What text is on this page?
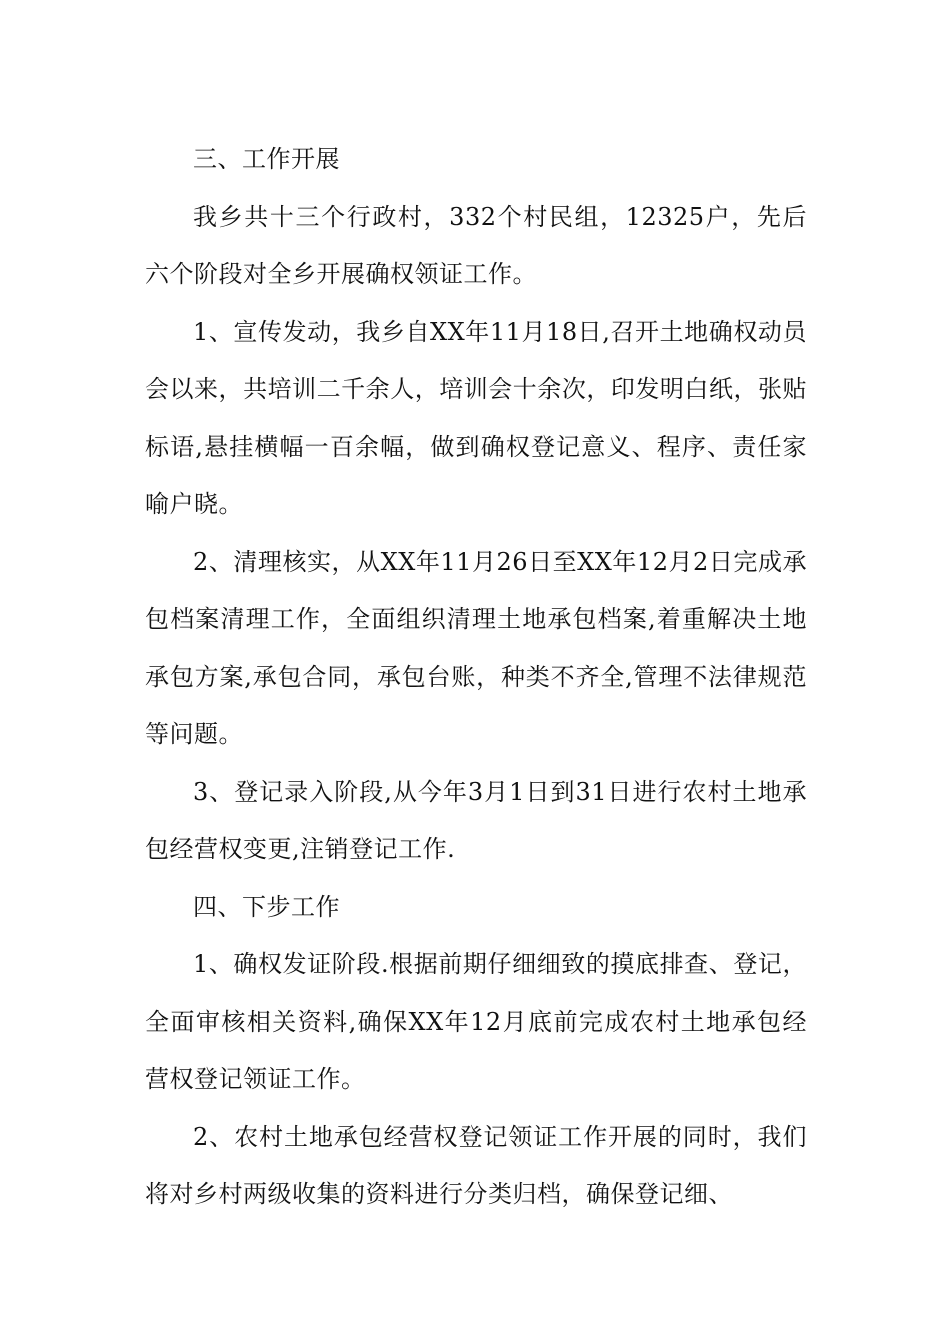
三、工作开展

我乡共十三个行政村，332个村民组，12325户，先后六个阶段对全乡开展确权领证工作。

1、宣传发动，我乡自XX年11月18日,召开土地确权动员会以来，共培训二千余人，培训会十余次，印发明白纸，张贴标语,悬挂横幅一百余幅，做到确权登记意义、程序、责任家喻户晓。

2、清理核实，从XX年11月26日至XX年12月2日完成承包档案清理工作，全面组织清理土地承包档案,着重解决土地承包方案,承包合同，承包台账，种类不齐全,管理不法律规范等问题。

3、登记录入阶段,从今年3月1日到31日进行农村土地承包经营权变更,注销登记工作.

四、下步工作

1、确权发证阶段.根据前期仔细细致的摸底排查、登记，全面审核相关资料,确保XX年12月底前完成农村土地承包经营权登记领证工作。

2、农村土地承包经营权登记领证工作开展的同时，我们将对乡村两级收集的资料进行分类归档，确保登记细、
